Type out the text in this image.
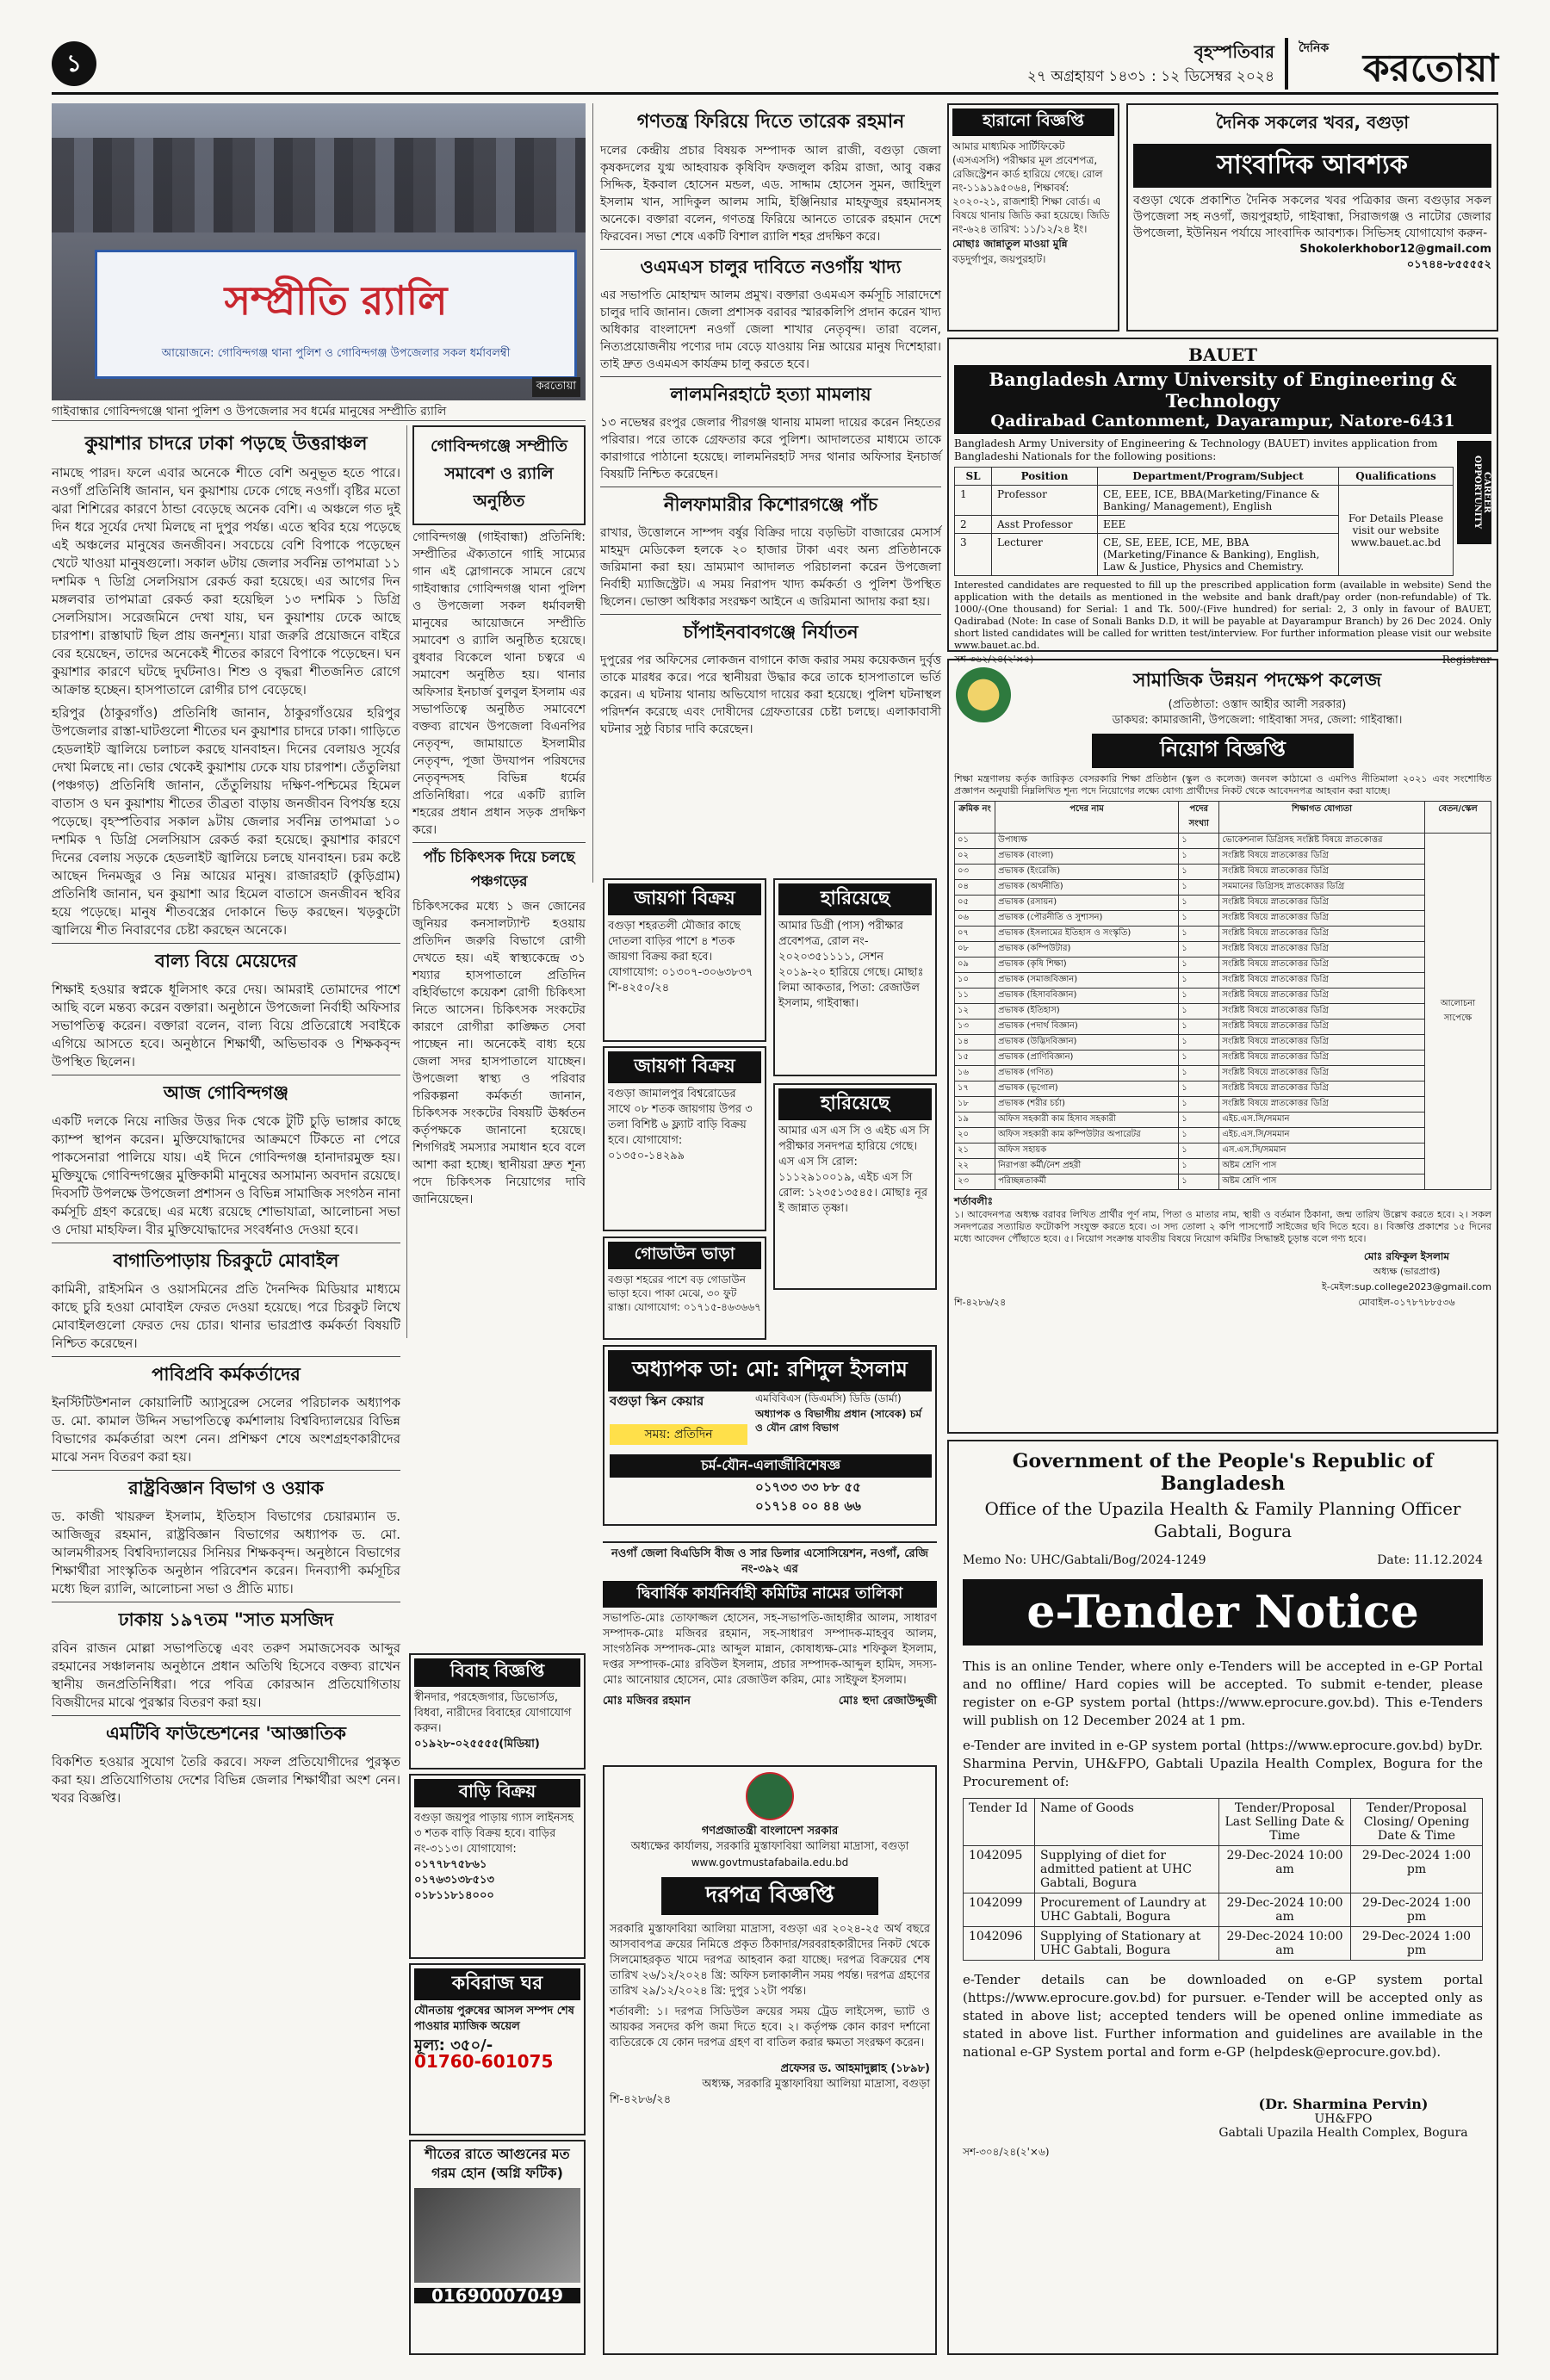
১	বৃহস্পতিবার
২৭ অগ্রহায়ণ ১৪৩১ : ১২ ডিসেম্বর ২০২৪
দৈনিক করতোয়া
সম্প্রীতি র‍্যালি
আয়োজনে: গোবিন্দগঞ্জ থানা পুলিশ ও গোবিন্দগঞ্জ উপজেলার সকল ধর্মাবলম্বী
করতোয়া
গাইবান্ধার গোবিন্দগঞ্জে থানা পুলিশ ও উপজেলার সব ধর্মের মানুষের সম্প্রীতি র‍্যালি

কুয়াশার চাদরে ঢাকা পড়ছে উত্তরাঞ্চল

নামছে পারদ। ফলে এবার অনেকে শীতে বেশি অনুভূত হতে পারে। নওগাঁ প্রতিনিধি জানান, ঘন কুয়াশায় ঢেকে গেছে নওগাঁ। বৃষ্টির মতো ঝরা শিশিরের কারণে ঠান্ডা বেড়েছে অনেক বেশি। এ অঞ্চলে গত দুই দিন ধরে সূর্যের দেখা মিলছে না দুপুর পর্যন্ত। এতে স্থবির হয়ে পড়েছে এই অঞ্চলের মানুষের জনজীবন। সবচেয়ে বেশি বিপাকে পড়েছেন খেটে খাওয়া মানুষগুলো। সকাল ৬টায় জেলার সর্বনিম্ন তাপমাত্রা ১১ দশমিক ৭ ডিগ্রি সেলসিয়াস রেকর্ড করা হয়েছে। এর আগের দিন মঙ্গলবার তাপমাত্রা রেকর্ড করা হয়েছিল ১৩ দশমিক ১ ডিগ্রি সেলসিয়াস। সরেজমিনে দেখা যায়, ঘন কুয়াশায় ঢেকে আছে চারপাশ। রাস্তাঘাট ছিল প্রায় জনশূন্য। যারা জরুরি প্রয়োজনে বাইরে বের হয়েছেন, তাদের অনেকেই শীতের কারণে বিপাকে পড়েছেন। ঘন কুয়াশার কারণে ঘটছে দুর্ঘটনাও। শিশু ও বৃদ্ধরা শীতজনিত রোগে আক্রান্ত হচ্ছেন। হাসপাতালে রোগীর চাপ বেড়েছে।

হরিপুর (ঠাকুরগাঁও) প্রতিনিধি জানান, ঠাকুরগাঁওয়ের হরিপুর উপজেলার রাস্তা-ঘাটগুলো শীতের ঘন কুয়াশার চাদরে ঢাকা। গাড়িতে হেডলাইট জ্বালিয়ে চলাচল করছে যানবাহন। দিনের বেলায়ও সূর্যের দেখা মিলছে না। ভোর থেকেই কুয়াশায় ঢেকে যায় চারপাশ। তেঁতুলিয়া (পঞ্চগড়) প্রতিনিধি জানান, তেঁতুলিয়ায় দক্ষিণ-পশ্চিমের হিমেল বাতাস ও ঘন কুয়াশায় শীতের তীব্রতা বাড়ায় জনজীবন বিপর্যস্ত হয়ে পড়েছে। বৃহস্পতিবার সকাল ৯টায় জেলার সর্বনিম্ন তাপমাত্রা ১০ দশমিক ৭ ডিগ্রি সেলসিয়াস রেকর্ড করা হয়েছে। কুয়াশার কারণে দিনের বেলায় সড়কে হেডলাইট জ্বালিয়ে চলছে যানবাহন। চরম কষ্টে আছেন দিনমজুর ও নিম্ন আয়ের মানুষ। রাজারহাট (কুড়িগ্রাম) প্রতিনিধি জানান, ঘন কুয়াশা আর হিমেল বাতাসে জনজীবন স্থবির হয়ে পড়েছে। মানুষ শীতবস্ত্রের দোকানে ভিড় করছেন। খড়কুটো জ্বালিয়ে শীত নিবারণের চেষ্টা করছেন অনেকে।

বাল্য বিয়ে মেয়েদের

শিক্ষাই হওয়ার স্বপ্নকে ধূলিসাৎ করে দেয়। আমরাই তোমাদের পাশে আছি বলে মন্তব্য করেন বক্তারা। অনুষ্ঠানে উপজেলা নির্বাহী অফিসার সভাপতিত্ব করেন। বক্তারা বলেন, বাল্য বিয়ে প্রতিরোধে সবাইকে এগিয়ে আসতে হবে। অনুষ্ঠানে শিক্ষার্থী, অভিভাবক ও শিক্ষকবৃন্দ উপস্থিত ছিলেন।

আজ গোবিন্দগঞ্জ

একটি দলকে নিয়ে নাজির উত্তর দিক থেকে টুটি চুড়ি ভাঙ্গার কাছে ক্যাম্প স্থাপন করেন। মুক্তিযোদ্ধাদের আক্রমণে টিকতে না পেরে পাকসেনারা পালিয়ে যায়। এই দিনে গোবিন্দগঞ্জ হানাদারমুক্ত হয়। মুক্তিযুদ্ধে গোবিন্দগঞ্জের মুক্তিকামী মানুষের অসামান্য অবদান রয়েছে। দিবসটি উপলক্ষে উপজেলা প্রশাসন ও বিভিন্ন সামাজিক সংগঠন নানা কর্মসূচি গ্রহণ করেছে। এর মধ্যে রয়েছে শোভাযাত্রা, আলোচনা সভা ও দোয়া মাহফিল। বীর মুক্তিযোদ্ধাদের সংবর্ধনাও দেওয়া হবে।

বাগাতিপাড়ায় চিরকুটে মোবাইল

কামিনী, রাইসমিন ও ওয়াসমিনের প্রতি দৈনন্দিক মিডিয়ার মাধ্যমে কাছে চুরি হওয়া মোবাইল ফেরত দেওয়া হয়েছে। পরে চিরকুট লিখে মোবাইলগুলো ফেরত দেয় চোর। থানার ভারপ্রাপ্ত কর্মকর্তা বিষয়টি নিশ্চিত করেছেন।

পাবিপ্রবি কর্মকর্তাদের

ইনস্টিটিউশনাল কোয়ালিটি অ্যাসুরেন্স সেলের পরিচালক অধ্যাপক ড. মো. কামাল উদ্দিন সভাপতিত্বে কর্মশালায় বিশ্ববিদ্যালয়ের বিভিন্ন বিভাগের কর্মকর্তারা অংশ নেন। প্রশিক্ষণ শেষে অংশগ্রহণকারীদের মাঝে সনদ বিতরণ করা হয়।

রাষ্ট্রবিজ্ঞান বিভাগ ও ওয়াক

ড. কাজী খায়রুল ইসলাম, ইতিহাস বিভাগের চেয়ারম্যান ড. আজিজুর রহমান, রাষ্ট্রবিজ্ঞান বিভাগের অধ্যাপক ড. মো. আলমগীরসহ বিশ্ববিদ্যালয়ের সিনিয়র শিক্ষকবৃন্দ। অনুষ্ঠানে বিভাগের শিক্ষার্থীরা সাংস্কৃতিক অনুষ্ঠান পরিবেশন করেন। দিনব্যাপী কর্মসূচির মধ্যে ছিল র‍্যালি, আলোচনা সভা ও প্রীতি ম্যাচ।

ঢাকায় ১৯৭তম "সাত মসজিদ

রবিন রাজন মোল্লা সভাপতিত্বে এবং তরুণ সমাজসেবক আব্দুর রহমানের সঞ্চালনায় অনুষ্ঠানে প্রধান অতিথি হিসেবে বক্তব্য রাখেন স্থানীয় জনপ্রতিনিধিরা। পরে পবিত্র কোরআন প্রতিযোগিতায় বিজয়ীদের মাঝে পুরস্কার বিতরণ করা হয়।

এমটিবি ফাউন্ডেশনের 'আজ্ঞাতিক

বিকশিত হওয়ার সুযোগ তৈরি করবে। সফল প্রতিযোগীদের পুরস্কৃত করা হয়। প্রতিযোগিতায় দেশের বিভিন্ন জেলার শিক্ষার্থীরা অংশ নেন। খবর বিজ্ঞপ্তি।

গোবিন্দগঞ্জে সম্প্রীতি সমাবেশ ও র‍্যালি অনুষ্ঠিত

গোবিন্দগঞ্জ (গাইবান্ধা) প্রতিনিধি: সম্প্রীতির ঐক্যতানে গাহি সাম্যের গান এই স্লোগানকে সামনে রেখে গাইবান্ধার গোবিন্দগঞ্জ থানা পুলিশ ও উপজেলা সকল ধর্মাবলম্বী মানুষের আয়োজনে সম্প্রীতি সমাবেশ ও র‍্যালি অনুষ্ঠিত হয়েছে। বুধবার বিকেলে থানা চত্বরে এ সমাবেশ অনুষ্ঠিত হয়। থানার অফিসার ইনচার্জ বুলবুল ইসলাম এর সভাপতিত্বে অনুষ্ঠিত সমাবেশে বক্তব্য রাখেন উপজেলা বিএনপির নেতৃবৃন্দ, জামায়াতে ইসলামীর নেতৃবৃন্দ, পূজা উদযাপন পরিষদের নেতৃবৃন্দসহ বিভিন্ন ধর্মের প্রতিনিধিরা। পরে একটি র‍্যালি শহরের প্রধান প্রধান সড়ক প্রদক্ষিণ করে।

পাঁচ চিকিৎসক দিয়ে চলছে পঞ্চগড়ের

চিকিৎসকের মধ্যে ১ জন জোনের জুনিয়র কনসালট্যান্ট হওয়ায় প্রতিদিন জরুরি বিভাগে রোগী দেখতে হয়। এই স্বাস্থ্যকেন্দ্রে ৩১ শয্যার হাসপাতালে প্রতিদিন বহির্বিভাগে কয়েকশ রোগী চিকিৎসা নিতে আসেন। চিকিৎসক সংকটের কারণে রোগীরা কাঙ্ক্ষিত সেবা পাচ্ছেন না। অনেকেই বাধ্য হয়ে জেলা সদর হাসপাতালে যাচ্ছেন। উপজেলা স্বাস্থ্য ও পরিবার পরিকল্পনা কর্মকর্তা জানান, চিকিৎসক সংকটের বিষয়টি ঊর্ধ্বতন কর্তৃপক্ষকে জানানো হয়েছে। শিগগিরই সমস্যার সমাধান হবে বলে আশা করা হচ্ছে। স্থানীয়রা দ্রুত শূন্য পদে চিকিৎসক নিয়োগের দাবি জানিয়েছেন।

গণতন্ত্র ফিরিয়ে দিতে তারেক রহমান

দলের কেন্দ্রীয় প্রচার বিষয়ক সম্পাদক আল রাজী, বগুড়া জেলা কৃষকদলের যুগ্ম আহবায়ক কৃষিবিদ ফজলুল করিম রাজা, আবু বক্কর সিদ্দিক, ইকবাল হোসেন মন্ডল, এড. সাদ্দাম হোসেন সুমন, জাহিদুল ইসলাম খান, সাদিকুল আলম সামি, ইঞ্জিনিয়ার মাহফুজুর রহমানসহ অনেকে। বক্তারা বলেন, গণতন্ত্র ফিরিয়ে আনতে তারেক রহমান দেশে ফিরবেন। সভা শেষে একটি বিশাল র‍্যালি শহর প্রদক্ষিণ করে।

ওএমএস চালুর দাবিতে নওগাঁয় খাদ্য

এর সভাপতি মোহাম্মদ আলম প্রমুখ। বক্তারা ওএমএস কর্মসূচি সারাদেশে চালুর দাবি জানান। জেলা প্রশাসক বরাবর স্মারকলিপি প্রদান করেন খাদ্য অধিকার বাংলাদেশ নওগাঁ জেলা শাখার নেতৃবৃন্দ। তারা বলেন, নিত্যপ্রয়োজনীয় পণ্যের দাম বেড়ে যাওয়ায় নিম্ন আয়ের মানুষ দিশেহারা। তাই দ্রুত ওএমএস কার্যক্রম চালু করতে হবে।

লালমনিরহাটে হত্যা মামলায়

১৩ নভেম্বর রংপুর জেলার পীরগঞ্জ থানায় মামলা দায়ের করেন নিহতের পরিবার। পরে তাকে গ্রেফতার করে পুলিশ। আদালতের মাধ্যমে তাকে কারাগারে পাঠানো হয়েছে। লালমনিরহাট সদর থানার অফিসার ইনচার্জ বিষয়টি নিশ্চিত করেছেন।

নীলফামারীর কিশোরগঞ্জে পাঁচ

রাখার, উত্তোলনে সাম্পদ বর্ষুর বিক্রির দায়ে বড়ভিটা বাজারের মেসার্স মাহমুদ মেডিকেল হলকে ২০ হাজার টাকা এবং অন্য প্রতিষ্ঠানকে জরিমানা করা হয়। ভ্রাম্যমাণ আদালত পরিচালনা করেন উপজেলা নির্বাহী ম্যাজিস্ট্রেট। এ সময় নিরাপদ খাদ্য কর্মকর্তা ও পুলিশ উপস্থিত ছিলেন। ভোক্তা অধিকার সংরক্ষণ আইনে এ জরিমানা আদায় করা হয়।

চাঁপাইনবাবগঞ্জে নির্যাতন

দুপুরের পর অফিসের লোকজন বাগানে কাজ করার সময় কয়েকজন দুর্বৃত্ত তাকে মারধর করে। পরে স্থানীয়রা উদ্ধার করে তাকে হাসপাতালে ভর্তি করেন। এ ঘটনায় থানায় অভিযোগ দায়ের করা হয়েছে। পুলিশ ঘটনাস্থল পরিদর্শন করেছে এবং দোষীদের গ্রেফতারের চেষ্টা চলছে। এলাকাবাসী ঘটনার সুষ্ঠু বিচার দাবি করেছেন।

জায়গা বিক্রয়

বগুড়া শহরতলী মৌজার কাছে দোতলা বাড়ির পাশে ৪ শতক জায়গা বিক্রয় করা হবে। যোগাযোগ: ০১৩০৭-৩০৬৩৮৩৭

শি-৪২৫০/২৪

হারিয়েছে

আমার ডিগ্রী (পাস) পরীক্ষার প্রবেশপত্র, রোল নং- ২০২০৩৫১১১১, সেশন ২০১৯-২০ হারিয়ে গেছে। মোছাঃ লিমা আকতার, পিতা: রেজাউল ইসলাম, গাইবান্ধা।

জায়গা বিক্রয়

বগুড়া জামালপুর বিশ্বরোডের সাথে ০৮ শতক জায়গায় উপর ৩ তলা বিশিষ্ট ৬ ফ্ল্যাট বাড়ি বিক্রয় হবে। যোগাযোগ: ০১৩৫০-১৪২৯৯

হারিয়েছে

আমার এস এস সি ও এইচ এস সি পরীক্ষার সনদপত্র হারিয়ে গেছে। এস এস সি রোল: ১১১২৯১০০১৯, এইচ এস সি রোল: ১২৩৫১৩৫৪৫। মোছাঃ নূর ই জান্নাত তৃষ্ণা।

গোডাউন ভাড়া

বগুড়া শহরের পাশে বড় গোডাউন ভাড়া হবে। পাকা মেঝে, ৩০ ফুট রাস্তা। যোগাযোগ: ০১৭১৫-৪৬৩৬৬৭

অধ্যাপক ডা: মো: রশিদুল ইসলাম
বগুড়া স্কিন কেয়ার
সময়: প্রতিদিন
এমবিবিএস (ডিএমসি) ডিডি (ডার্মা)
অধ্যাপক ও বিভাগীয় প্রধান (সাবেক) চর্ম ও যৌন রোগ বিভাগ
চর্ম-যৌন-এলার্জীবিশেষজ্ঞ
০১৭৩৩ ৩৩ ৮৮ ৫৫
০১৭১৪ ০০ ৪৪ ৬৬
বিবাহ বিজ্ঞপ্তি

স্বীনদার, পরহেজগার, ডিভোর্সড, বিধবা, নারীদের বিবাহের যোগাযোগ করুন।

০১৯২৮-০২৫৫৫৫(মিডিয়া)

বাড়ি বিক্রয়

বগুড়া জয়পুর পাড়ায় গ্যাস লাইনসহ ৩ শতক বাড়ি বিক্রয় হবে। বাড়ির নং-৩১১৩। যোগাযোগ:

০১৭৭৮৭৫৮৬১

০১৭৬৩১৩৮৫১৩

০১৮১১৮১৪০০০

কবিরাজ ঘর

যৌনতায় পুরুষের আসল সম্পদ শেষ পাওয়ার ম্যাজিক অয়েল

মূল্য: ৩৫০/-

01760-601075

শীতের রাতে আগুনের মত গরম হোন (অগ্নি ফটিক)

01690007049

নওগাঁ জেলা বিএডিসি বীজ ও সার ডিলার এসোসিয়েশন, নওগাঁ, রেজি নং-৩৯২ এর

দ্বিবার্ষিক কার্যনির্বাহী কমিটির নামের তালিকা

সভাপতি-মোঃ তোফাজ্জল হোসেন, সহ-সভাপতি-জাহাঙ্গীর আলম, সাধারণ সম্পাদক-মোঃ মজিবর রহমান, সহ-সাধারণ সম্পাদক-মাহবুব আলম, সাংগঠনিক সম্পাদক-মোঃ আব্দুল মান্নান, কোষাধ্যক্ষ-মোঃ শফিকুল ইসলাম, দপ্তর সম্পাদক-মোঃ রবিউল ইসলাম, প্রচার সম্পাদক-আব্দুল হামিদ, সদস্য-মোঃ আনোয়ার হোসেন, মোঃ রেজাউল করিম, মোঃ সাইফুল ইসলাম।

মোঃ মজিবর রহমান	মোঃ হুদা রেজাউদ্দুজী

গণপ্রজাতন্ত্রী বাংলাদেশ সরকার

অধ্যক্ষের কার্যালয়, সরকারি মুস্তাফাবিয়া আলিয়া মাদ্রাসা, বগুড়া

www.govtmustafabaila.edu.bd

দরপত্র বিজ্ঞপ্তি

সরকারি মুস্তাফাবিয়া আলিয়া মাদ্রাসা, বগুড়া এর ২০২৪-২৫ অর্থ বছরে আসবাবপত্র ক্রয়ের নিমিত্তে প্রকৃত ঠিকাদার/সরবরাহকারীদের নিকট থেকে সিলমোহরকৃত খামে দরপত্র আহবান করা যাচ্ছে। দরপত্র বিক্রয়ের শেষ তারিখ ২৬/১২/২০২৪ খ্রি: অফিস চলাকালীন সময় পর্যন্ত। দরপত্র গ্রহণের তারিখ ২৯/১২/২০২৪ খ্রি: দুপুর ১২টা পর্যন্ত।

শর্তাবলী: ১। দরপত্র সিডিউল ক্রয়ের সময় ট্রেড লাইসেন্স, ভ্যাট ও আয়কর সনদের কপি জমা দিতে হবে। ২। কর্তৃপক্ষ কোন কারণ দর্শানো ব্যতিরেকে যে কোন দরপত্র গ্রহণ বা বাতিল করার ক্ষমতা সংরক্ষণ করেন।

প্রফেসর ড. আহমাদুল্লাহ (১৮৯৮)

অধ্যক্ষ, সরকারি মুস্তাফাবিয়া আলিয়া মাদ্রাসা, বগুড়া

শি-৪২৮৬/২৪

হারানো বিজ্ঞপ্তি

আমার মাধ্যমিক সার্টিফিকেট (এসএসসি) পরীক্ষার মূল প্রবেশপত্র, রেজিস্ট্রেশন কার্ড হারিয়ে গেছে। রোল নং-১১৯১৯৫০৬৪, শিক্ষাবর্ষ: ২০২০-২১, রাজশাহী শিক্ষা বোর্ড। এ বিষয়ে থানায় জিডি করা হয়েছে। জিডি নং-৬২৪ তারিখ: ১১/১২/২৪ ইং।

মোছাঃ জান্নাতুল মাওয়া মুন্নি

বড়দুর্গাপুর, জয়পুরহাট।

দৈনিক সকলের খবর, বগুড়া

সাংবাদিক আবশ্যক

বগুড়া থেকে প্রকাশিত দৈনিক সকলের খবর পত্রিকার জন্য বগুড়ার সকল উপজেলা সহ নওগাঁ, জয়পুরহাট, গাইবান্ধা, সিরাজগঞ্জ ও নাটোর জেলার উপজেলা, ইউনিয়ন পর্যায়ে সাংবাদিক আবশ্যক। সিভিসহ যোগাযোগ করুন-

Shokolerkhobor12@gmail.com

০১৭৪৪-৮৫৫৫৫২

BAUET

Bangladesh Army University of Engineering & Technology
Qadirabad Cantonment, Dayarampur, Natore-6431

Bangladesh Army University of Engineering & Technology (BAUET) invites application from Bangladeshi Nationals for the following positions:

SL	Position	Department/Program/Subject	Qualifications
1	Professor	CE, EEE, ICE, BBA(Marketing/Finance & Banking/ Management), English	For Details Please visit our website www.bauet.ac.bd
2	Asst Professor	EEE	
3	Lecturer	CE, SE, EEE, ICE, ME, BBA (Marketing/Finance & Banking), English, Law & Justice, Physics and Chemistry.	
CAREER OPPORTUNITY

Interested candidates are requested to fill up the prescribed application form (available in website) Send the application with the details as mentioned in the website and bank draft/pay order (non-refundable) of Tk. 1000/-(One thousand) for Serial: 1 and Tk. 500/-(Five hundred) for serial: 2, 3 only in favour of BAUET, Qadirabad (Note: In case of Sonali Banks D.D, it will be payable at Dayarampur Branch) by 26 Dec 2024. Only short listed candidates will be called for written test/interview. For further information please visit our website www.bauet.ac.bd.

সশ-৩৬২/২৪(২'×৫)	Registrar

সামাজিক উন্নয়ন পদক্ষেপ কলেজ

(প্রতিষ্ঠাতা: ওস্তাদ আহীর আলী সরকার)

ডাকঘর: কামারজানী, উপজেলা: গাইবান্ধা সদর, জেলা: গাইবান্ধা।

নিয়োগ বিজ্ঞপ্তি

শিক্ষা মন্ত্রণালয় কর্তৃক জারিকৃত বেসরকারি শিক্ষা প্রতিষ্ঠান (স্কুল ও কলেজ) জনবল কাঠামো ও এমপিও নীতিমালা ২০২১ এবং সংশোধিত প্রজ্ঞাপন অনুযায়ী নিম্নলিখিত শূন্য পদে নিয়োগের লক্ষ্যে যোগ্য প্রার্থীদের নিকট থেকে আবেদনপত্র আহবান করা যাচ্ছে।

ক্রমিক নং	পদের নাম	পদের সংখ্যা	শিক্ষাগত যোগ্যতা	বেতন/স্কেল
০১	উপাধ্যক্ষ	১	ভোকেশনাল ডিগ্রিসহ সংশ্লিষ্ট বিষয়ে স্নাতকোত্তর	আলোচনা সাপেক্ষে
০২	প্রভাষক (বাংলা)	১	সংশ্লিষ্ট বিষয়ে স্নাতকোত্তর ডিগ্রি	
০৩	প্রভাষক (ইংরেজি)	১	সংশ্লিষ্ট বিষয়ে স্নাতকোত্তর ডিগ্রি	
০৪	প্রভাষক (অর্থনীতি)	১	সমমানের ডিগ্রিসহ স্নাতকোত্তর ডিগ্রি	
০৫	প্রভাষক (রসায়ন)	১	সংশ্লিষ্ট বিষয়ে স্নাতকোত্তর ডিগ্রি	
০৬	প্রভাষক (পৌরনীতি ও সুশাসন)	১	সংশ্লিষ্ট বিষয়ে স্নাতকোত্তর ডিগ্রি	
০৭	প্রভাষক (ইসলামের ইতিহাস ও সংস্কৃতি)	১	সংশ্লিষ্ট বিষয়ে স্নাতকোত্তর ডিগ্রি	
০৮	প্রভাষক (কম্পিউটার)	১	সংশ্লিষ্ট বিষয়ে স্নাতকোত্তর ডিগ্রি	
০৯	প্রভাষক (কৃষি শিক্ষা)	১	সংশ্লিষ্ট বিষয়ে স্নাতকোত্তর ডিগ্রি	
১০	প্রভাষক (সমাজবিজ্ঞান)	১	সংশ্লিষ্ট বিষয়ে স্নাতকোত্তর ডিগ্রি	
১১	প্রভাষক (হিসাববিজ্ঞান)	১	সংশ্লিষ্ট বিষয়ে স্নাতকোত্তর ডিগ্রি	
১২	প্রভাষক (ইতিহাস)	১	সংশ্লিষ্ট বিষয়ে স্নাতকোত্তর ডিগ্রি	
১৩	প্রভাষক (পদার্থ বিজ্ঞান)	১	সংশ্লিষ্ট বিষয়ে স্নাতকোত্তর ডিগ্রি	
১৪	প্রভাষক (উদ্ভিদবিজ্ঞান)	১	সংশ্লিষ্ট বিষয়ে স্নাতকোত্তর ডিগ্রি	
১৫	প্রভাষক (প্রাণিবিজ্ঞান)	১	সংশ্লিষ্ট বিষয়ে স্নাতকোত্তর ডিগ্রি	
১৬	প্রভাষক (গণিত)	১	সংশ্লিষ্ট বিষয়ে স্নাতকোত্তর ডিগ্রি	
১৭	প্রভাষক (ভূগোল)	১	সংশ্লিষ্ট বিষয়ে স্নাতকোত্তর ডিগ্রি	
১৮	প্রভাষক (শরীর চর্চা)	১	সংশ্লিষ্ট বিষয়ে স্নাতকোত্তর ডিগ্রি	
১৯	অফিস সহকারী কাম হিসাব সহকারী	১	এইচ.এস.সি/সমমান	
২০	অফিস সহকারী কাম কম্পিউটার অপারেটর	১	এইচ.এস.সি/সমমান	
২১	অফিস সহায়ক	১	এস.এস.সি/সমমান	
২২	নিরাপত্তা কর্মী/নৈশ প্রহরী	১	অষ্টম শ্রেণি পাস	
২৩	পরিচ্ছন্নতাকর্মী	১	অষ্টম শ্রেণি পাস	

শর্তাবলীঃ

১। আবেদনপত্র অধ্যক্ষ বরাবর লিখিত প্রার্থীর পূর্ণ নাম, পিতা ও মাতার নাম, স্থায়ী ও বর্তমান ঠিকানা, জন্ম তারিখ উল্লেখ করতে হবে। ২। সকল সনদপত্রের সত্যায়িত ফটোকপি সংযুক্ত করতে হবে। ৩। সদ্য তোলা ২ কপি পাসপোর্ট সাইজের ছবি দিতে হবে। ৪। বিজ্ঞপ্তি প্রকাশের ১৫ দিনের মধ্যে আবেদন পৌঁছাতে হবে। ৫। নিয়োগ সংক্রান্ত যাবতীয় বিষয়ে নিয়োগ কমিটির সিদ্ধান্তই চূড়ান্ত বলে গণ্য হবে।

শি-৪২৮৬/২৪
মোঃ রফিকুল ইসলাম
অধ্যক্ষ (ভারপ্রাপ্ত)
ই-মেইল:sup.college2023@gmail.com
মোবাইল-০১৭৮৭৮৮৫৩৬

Government of the People's Republic of Bangladesh

Office of the Upazila Health & Family Planning Officer

Gabtali, Bogura

Memo No: UHC/Gabtali/Bog/2024-1249	Date: 11.12.2024

e-Tender Notice

This is an online Tender, where only e-Tenders will be accepted in e-GP Portal and no offline/ Hard copies will be accepted. To submit e-tender, please register on e-GP system portal (https://www.eprocure.gov.bd). This e-Tenders will publish on 12 December 2024 at 1 pm.

e-Tender are invited in e-GP system portal (https://www.eprocure.gov.bd) byDr. Sharmina Pervin, UH&FPO, Gabtali Upazila Health Complex, Bogura for the Procurement of:

Tender Id	Name of Goods	Tender/Proposal Last Selling Date & Time	Tender/Proposal Closing/ Opening Date & Time
1042095	Supplying of diet for admitted patient at UHC Gabtali, Bogura	29-Dec-2024 10:00 am	29-Dec-2024 1:00 pm
1042099	Procurement of Laundry at UHC Gabtali, Bogura	29-Dec-2024 10:00 am	29-Dec-2024 1:00 pm
1042096	Supplying of Stationary at UHC Gabtali, Bogura	29-Dec-2024 10:00 am	29-Dec-2024 1:00 pm

e-Tender details can be downloaded on e-GP system portal (https://www.eprocure.gov.bd) for pursuer. e-Tender will be accepted only as stated in above list; accepted tenders will be opened online immediate as stated in above list. Further information and guidelines are available in the national e-GP System portal and form e-GP (helpdesk@eprocure.gov.bd).

(Dr. Sharmina Pervin)
UH&FPO
Gabtali Upazila Health Complex, Bogura
সশ-৩০৪/২৪(২'×৬)
